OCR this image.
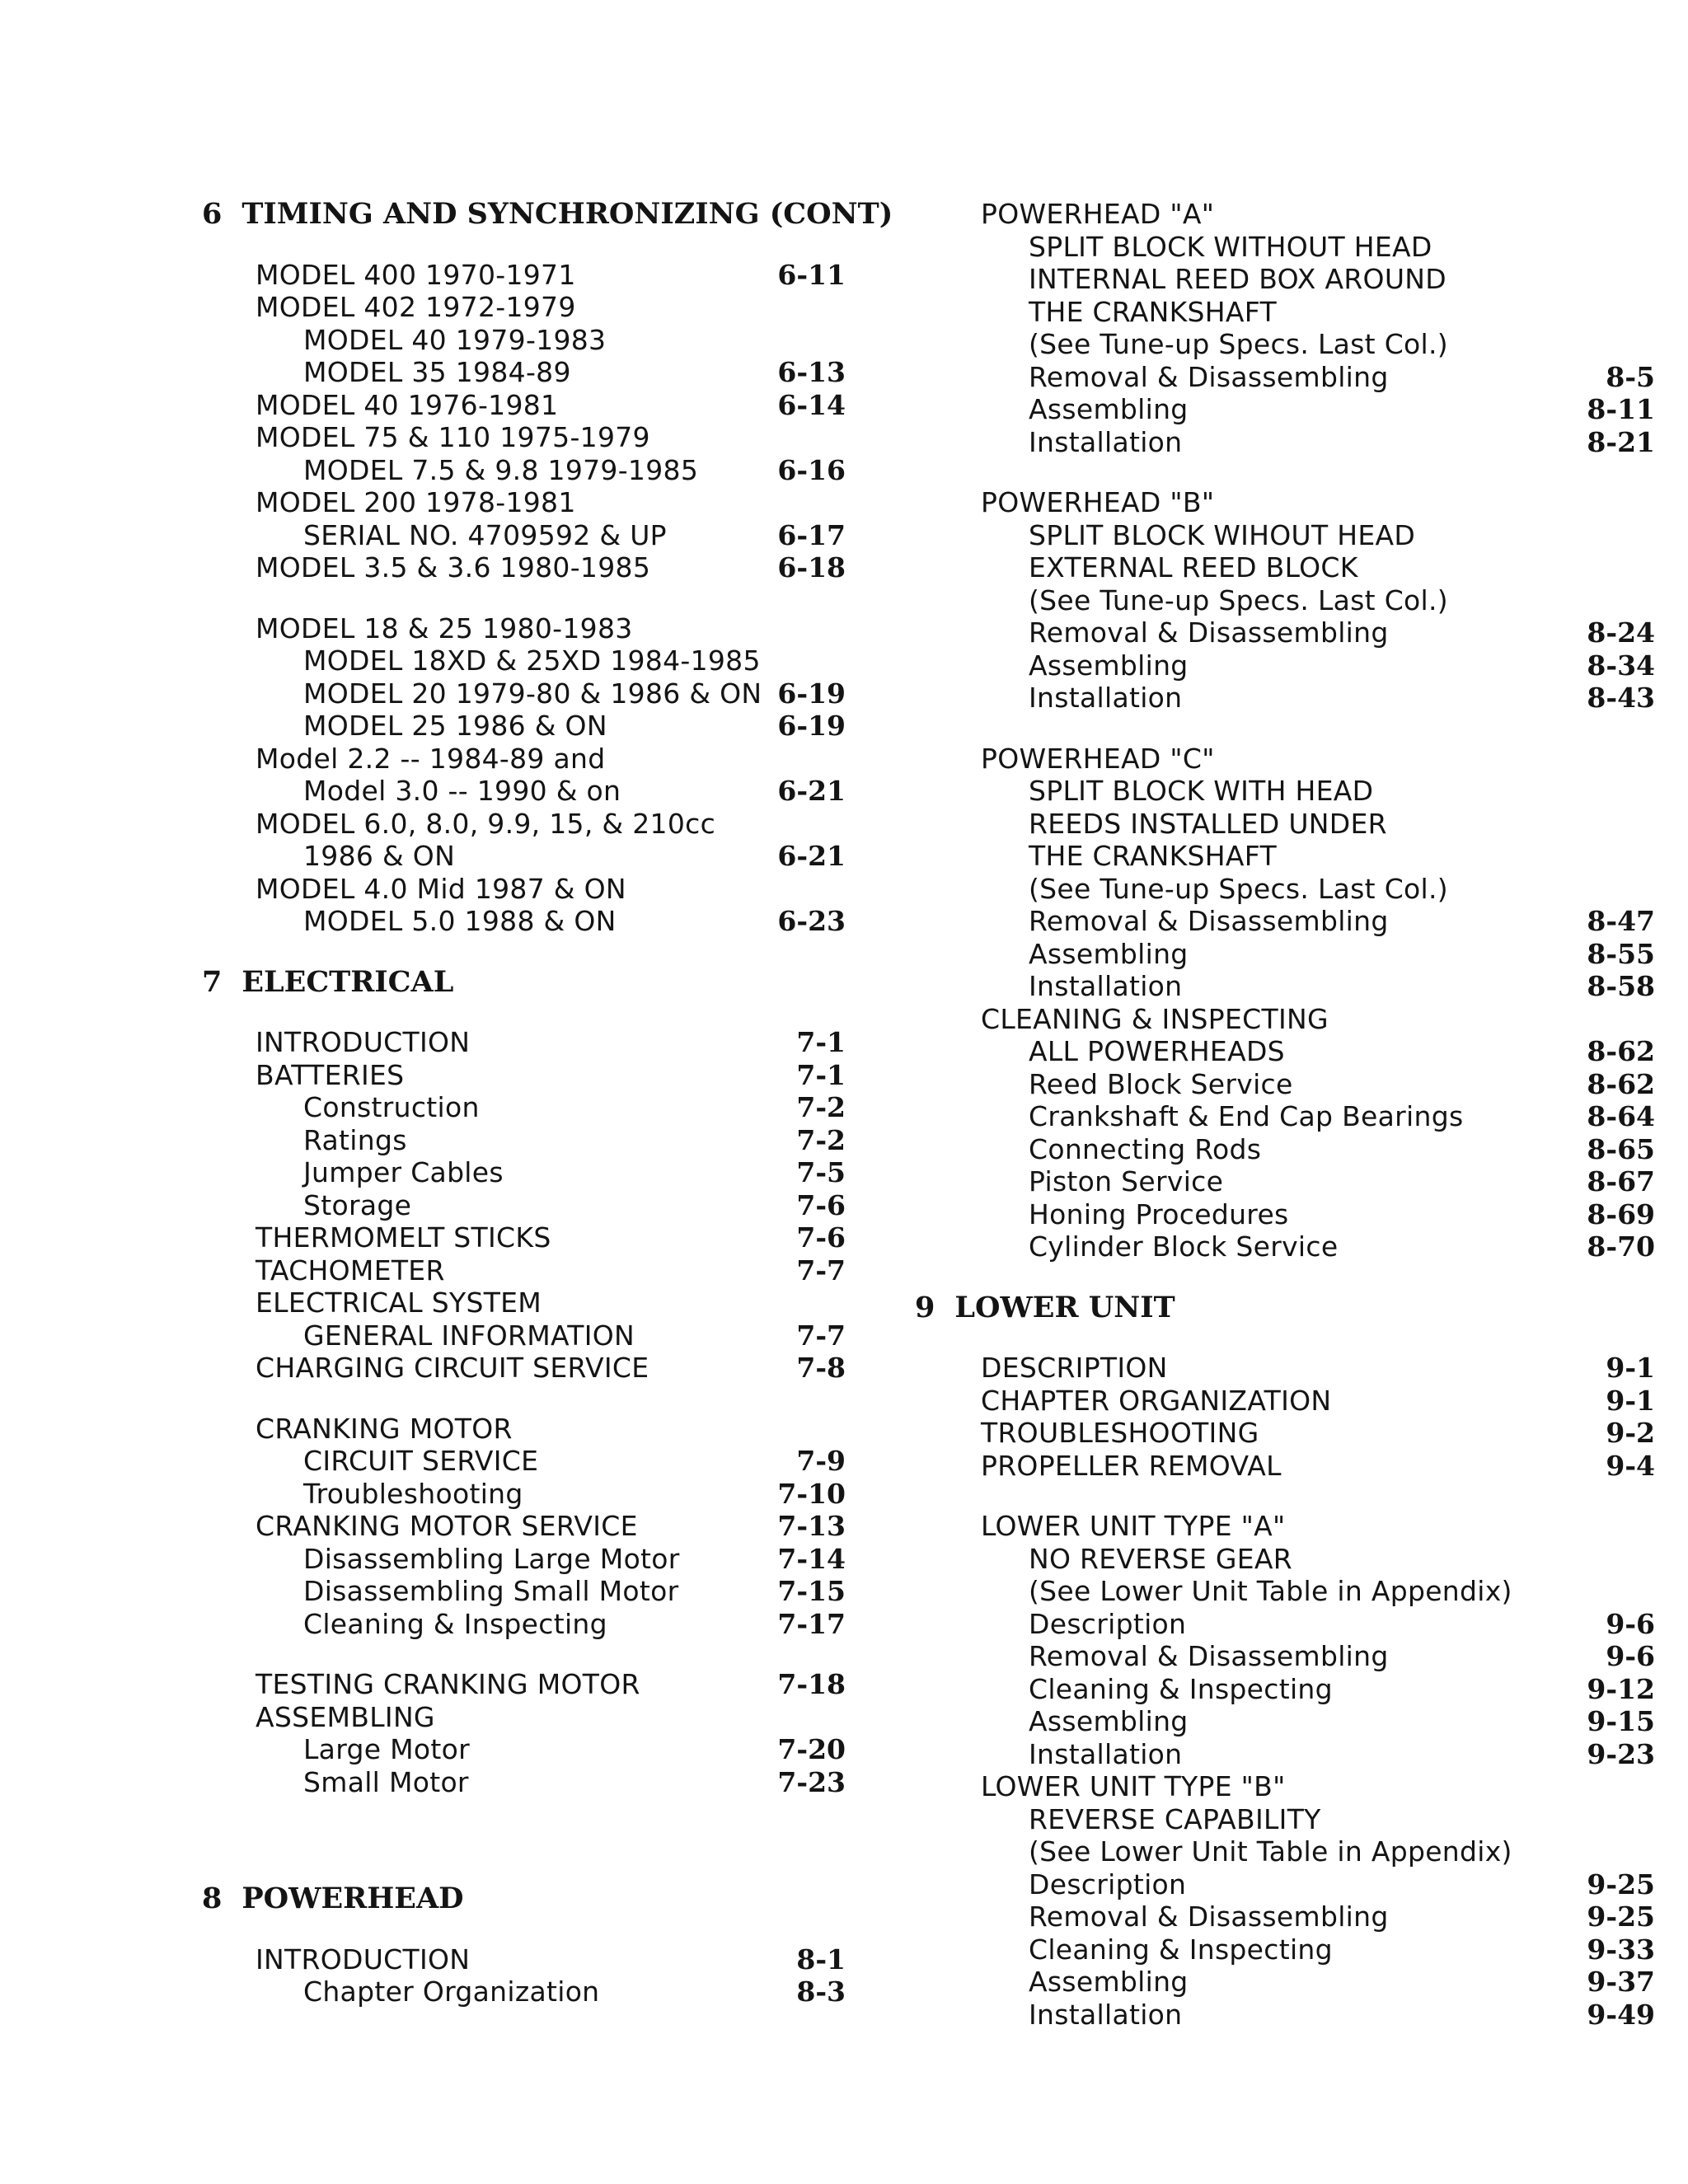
6 TIMING AND SYNCHRONIZING (CONT)
MODEL 400 1970-1971	6-11
MODEL 402 1972-1979
MODEL 40 1979-1983
MODEL 35 1984-89	6-13
MODEL 40 1976-1981	6-14
MODEL 75 & 110 1975-1979
MODEL 7.5 & 9.8 1979-1985	6-16
MODEL 200 1978-1981
SERIAL NO. 4709592 & UP	6-17
MODEL 3.5 & 3.6 1980-1985	6-18
MODEL 18 & 25 1980-1983
MODEL 18XD & 25XD 1984-1985
MODEL 20 1979-80 & 1986 & ON 6-19
MODEL 25 1986 & ON	6-19
Model 2.2 -- 1984-89 and
Model 3.0 -- 1990 & on	6-21
MODEL 6.0, 8.0, 9.9, 15, & 210cc
1986 & ON	6-21
MODEL 4.0 Mid 1987 & ON
MODEL 5.0 1988 & ON	6-23
7 ELECTRICAL
INTRODUCTION	7-1
BATTERIES	7-1
Construction	7-2
Ratings	7-2
Jumper Cables	7-5
Storage	7-6
THERMOMELT STICKS	7-6
TACHOMETER	7-7
ELECTRICAL SYSTEM
GENERAL INFORMATION	7-7
CHARGING CIRCUIT SERVICE	7-8
CRANKING MOTOR
CIRCUIT SERVICE	7-9
Troubleshooting	7-10
CRANKING MOTOR SERVICE	7-13
Disassembling Large Motor	7-14
Disassembling Small Motor	7-15
Cleaning & Inspecting	7-17
TESTING CRANKING MOTOR	7-18
ASSEMBLING
Large Motor	7-20
Small Motor	7-23
8 POWERHEAD
INTRODUCTION	8-1
Chapter Organization	8-3
POWERHEAD "A"
SPLIT BLOCK WITHOUT HEAD
INTERNAL REED BOX AROUND
THE CRANKSHAFT
(See Tune-up Specs. Last Col.)
Removal & Disassembling	8-5
Assembling	8-11
Installation	8-21
POWERHEAD "B"
SPLIT BLOCK WIHOUT HEAD
EXTERNAL REED BLOCK
(See Tune-up Specs. Last Col.)
Removal & Disassembling	8-24
Assembling	8-34
Installation	8-43
POWERHEAD "C"
SPLIT BLOCK WITH HEAD
REEDS INSTALLED UNDER
THE CRANKSHAFT
(See Tune-up Specs. Last Col.)
Removal & Disassembling	8-47
Assembling	8-55
Installation	8-58
CLEANING & INSPECTING
ALL POWERHEADS	8-62
Reed Block Service	8-62
Crankshaft & End Cap Bearings	8-64
Connecting Rods	8-65
Piston Service	8-67
Honing Procedures	8-69
Cylinder Block Service	8-70
9 LOWER UNIT
DESCRIPTION	9-1
CHAPTER ORGANIZATION	9-1
TROUBLESHOOTING	9-2
PROPELLER REMOVAL	9-4
LOWER UNIT TYPE "A"
NO REVERSE GEAR
(See Lower Unit Table in Appendix)
Description	9-6
Removal & Disassembling	9-6
Cleaning & Inspecting	9-12
Assembling	9-15
Installation	9-23
LOWER UNIT TYPE "B"
REVERSE CAPABILITY
(See Lower Unit Table in Appendix)
Description	9-25
Removal & Disassembling	9-25
Cleaning & Inspecting	9-33
Assembling	9-37
Installation	9-49
